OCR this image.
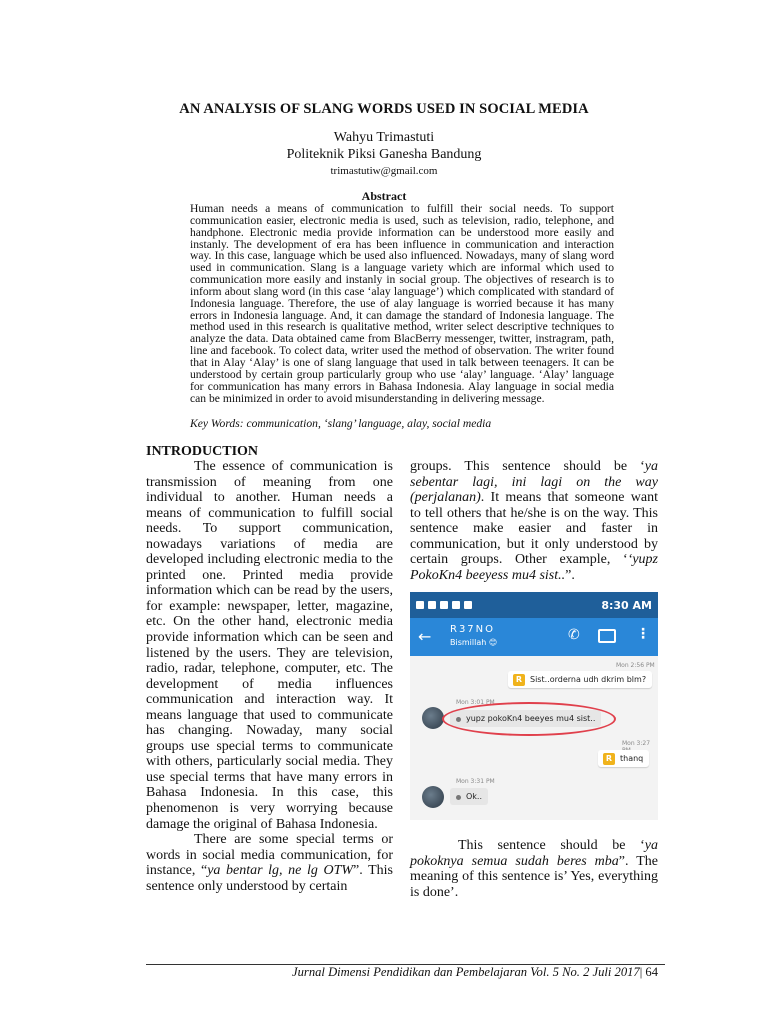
AN ANALYSIS OF SLANG WORDS USED IN SOCIAL MEDIA
Wahyu Trimastuti
Politeknik Piksi Ganesha Bandung
trimastutiw@gmail.com
Abstract
Human needs a means of communication to fulfill their social needs. To support communication easier, electronic media is used, such as television, radio, telephone, and handphone. Electronic media provide information can be understood more easily and instanly. The development of era has been influence in communication and interaction way. In this case, language which be used also influenced. Nowadays, many of slang word used in communication. Slang is a language variety which are informal which used to communication more easily and instanly in social group. The objectives of research is to inform about slang word (in this case ‘alay language’) which complicated with standard of Indonesia language. Therefore, the use of alay language is worried because it has many errors in Indonesia language. And, it can damage the standard of Indonesia language. The method used in this research is qualitative method, writer select descriptive techniques to analyze the data. Data obtained came from BlacBerry messenger, twitter, instragram, path, line and facebook. To colect data, writer used the method of observation. The writer found that in Alay ‘Alay’ is one of slang language that used in talk between teenagers. It can be understood by certain group particularly group who use ‘alay’ language. ‘Alay’ language for communication has many errors in Bahasa Indonesia. Alay language in social media can be minimized in order to avoid misunderstanding in delivering message.
Key Words: communication, ‘slang’ language, alay, social media
INTRODUCTION

The essence of communication is transmission of meaning from one individual to another. Human needs a means of communication to fulfill social needs. To support communication, nowadays variations of media are developed including electronic media to the printed one. Printed media provide information which can be read by the users, for example: newspaper, letter, magazine, etc. On the other hand, electronic media provide information which can be seen and listened by the users. They are television, radio, radar, telephone, computer, etc. The development of media influences communication and interaction way. It means language that used to communicate has changing. Nowaday, many social groups use special terms to communicate with others, particularly social media. They use special terms that have many errors in Bahasa Indonesia. In this case, this phenomenon is very worrying because damage the original of Bahasa Indonesia.

There are some special terms or words in social media communication, for instance, “ya bentar lg, ne lg OTW”. This sentence only understood by certain

groups. This sentence should be ‘ya sebentar lagi, ini lagi on the way (perjalanan). It means that someone want to tell others that he/she is on the way. This sentence make easier and faster in communication, but it only understood by certain groups. Other example, ‘‘yupz PokoKn4 beeyess mu4 sist..”.

8:30 AM
← R37NO
Bismillah 😊	✆	⋮
Mon 2:56 PM
R Sist..orderna udh dkrim blm?
Mon 3:01 PM
yupz pokoKn4 beeyes mu4 sist..
Mon 3:27
R thanq
Mon 3:31 PM
Ok..

This sentence should be ‘ya pokoknya semua sudah beres mba”. The meaning of this sentence is’ Yes, everything is done’.

Jurnal Dimensi Pendidikan dan Pembelajaran Vol. 5 No. 2 Juli 2017| 64
